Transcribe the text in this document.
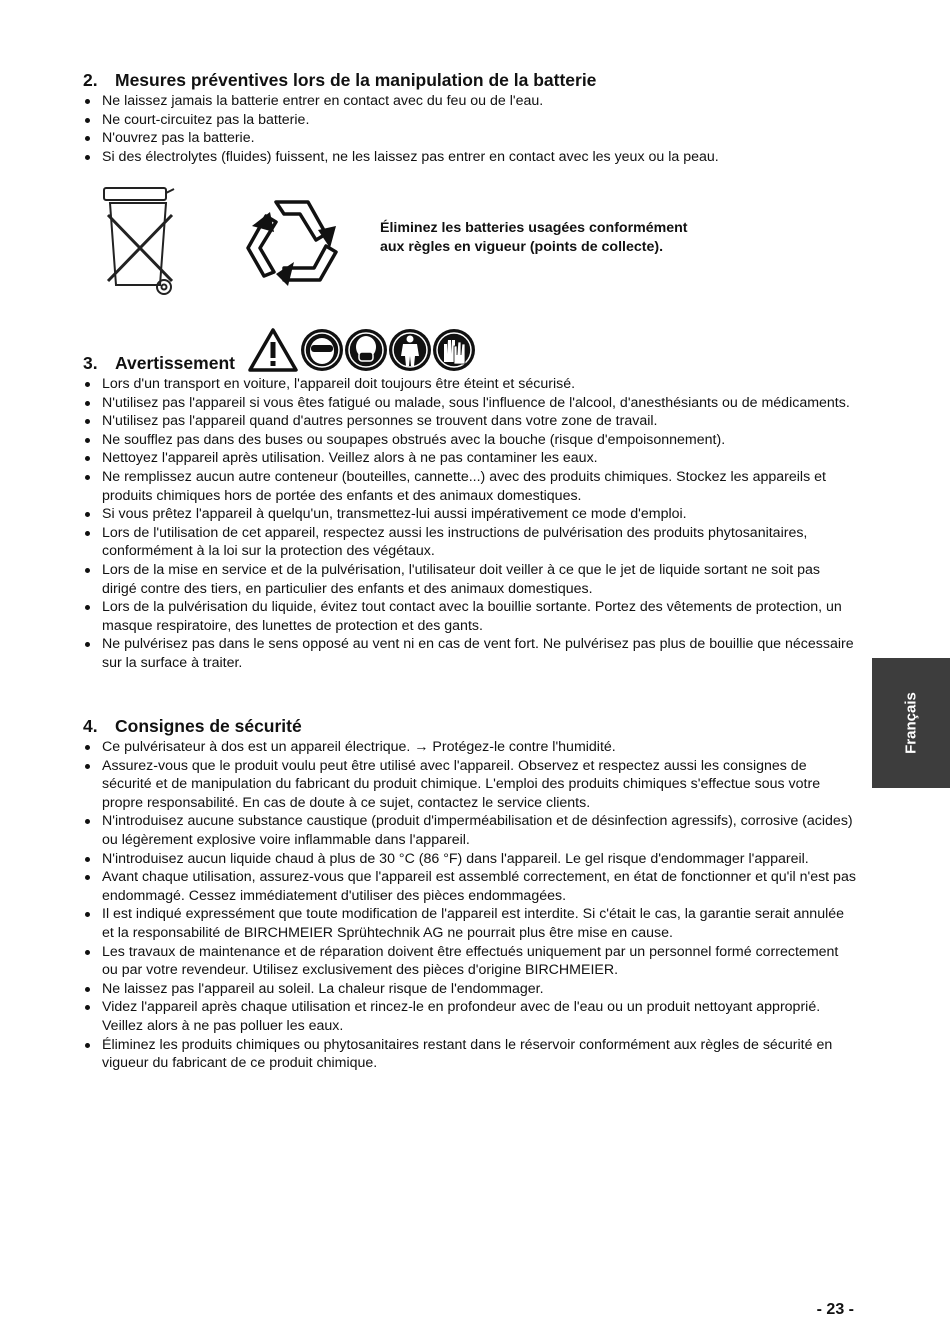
2. Mesures préventives lors de la manipulation de la batterie
Ne laissez jamais la batterie entrer en contact avec du feu ou de l'eau.
Ne court-circuitez pas la batterie.
N'ouvrez pas la batterie.
Si des électrolytes (fluides) fuissent, ne les laissez pas entrer en contact avec les yeux ou la peau.
Éliminez les batteries usagées conformément
aux règles en vigueur (points de collecte).
3. Avertissement
Lors d'un transport en voiture, l'appareil doit toujours être éteint et sécurisé.
N'utilisez pas l'appareil si vous êtes fatigué ou malade, sous l'influence de l'alcool, d'anesthésiants ou de médicaments.
N'utilisez pas l'appareil quand d'autres personnes se trouvent dans votre zone de travail.
Ne soufflez pas dans des buses ou soupapes obstrués avec la bouche (risque d'empoisonnement).
Nettoyez l'appareil après utilisation. Veillez alors à ne pas contaminer les eaux.
Ne remplissez aucun autre conteneur (bouteilles, cannette...) avec des produits chimiques. Stockez les appareils et produits chimiques hors de portée des enfants et des animaux domestiques.
Si vous prêtez l'appareil à quelqu'un, transmettez-lui aussi impérativement ce mode d'emploi.
Lors de l'utilisation de cet appareil, respectez aussi les instructions de pulvérisation des produits phytosanitaires, conformément à la loi sur la protection des végétaux.
Lors de la mise en service et de la pulvérisation, l'utilisateur doit veiller à ce que le jet de liquide sortant ne soit pas dirigé contre des tiers, en particulier des enfants et des animaux domestiques.
Lors de la pulvérisation du liquide, évitez tout contact avec la bouillie sortante. Portez des vêtements de protection, un masque respiratoire, des lunettes de protection et des gants.
Ne pulvérisez pas dans le sens opposé au vent ni en cas de vent fort. Ne pulvérisez pas plus de bouillie que nécessaire sur la surface à traiter.
4. Consignes de sécurité
Ce pulvérisateur à dos est un appareil électrique. → Protégez-le contre l'humidité.
Assurez-vous que le produit voulu peut être utilisé avec l'appareil. Observez et respectez aussi les consignes de sécurité et de manipulation du fabricant du produit chimique. L'emploi des produits chimiques s'effectue sous votre propre responsabilité. En cas de doute à ce sujet, contactez le service clients.
N'introduisez aucune substance caustique (produit d'imperméabilisation et de désinfection agressifs), corrosive (acides) ou légèrement explosive voire inflammable dans l'appareil.
N'introduisez aucun liquide chaud à plus de 30 °C (86 °F) dans l'appareil. Le gel risque d'endommager l'appareil.
Avant chaque utilisation, assurez-vous que l'appareil est assemblé correctement, en état de fonctionner et qu'il n'est pas endommagé. Cessez immédiatement d'utiliser des pièces endommagées.
Il est indiqué expressément que toute modification de l'appareil est interdite. Si c'était le cas, la garantie serait annulée et la responsabilité de BIRCHMEIER Sprühtechnik AG ne pourrait plus être mise en cause.
Les travaux de maintenance et de réparation doivent être effectués uniquement par un personnel formé correctement ou par votre revendeur. Utilisez exclusivement des pièces d'origine BIRCHMEIER.
Ne laissez pas l'appareil au soleil. La chaleur risque de l'endommager.
Videz l'appareil après chaque utilisation et rincez-le en profondeur avec de l'eau ou un produit nettoyant approprié. Veillez alors à ne pas polluer les eaux.
Éliminez les produits chimiques ou phytosanitaires restant dans le réservoir conformément aux règles de sécurité en vigueur du fabricant de ce produit chimique.
Français
- 23 -
